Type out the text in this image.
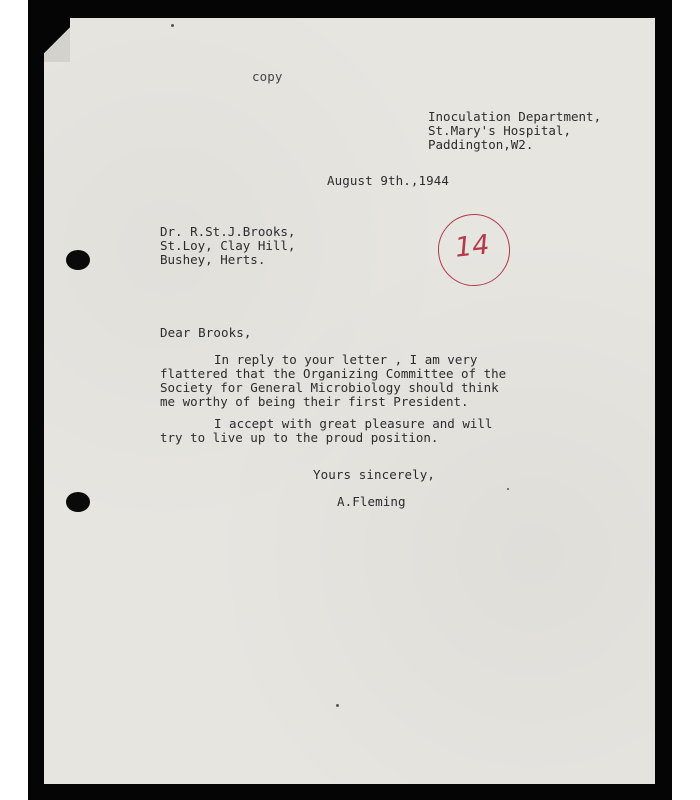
copy
Inoculation Department,
St.Mary's Hospital,
Paddington,W2.
August 9th.,1944
Dr. R.St.J.Brooks,
St.Loy, Clay Hill,
Bushey, Herts.	14
Dear Brooks,
In reply to your letter , I am very
flattered that the Organizing Committee of the
Society for General Microbiology should think
me worthy of being their first President.
I accept with great pleasure and will
try to live up to the proud position.
Yours sincerely,
A.Fleming
